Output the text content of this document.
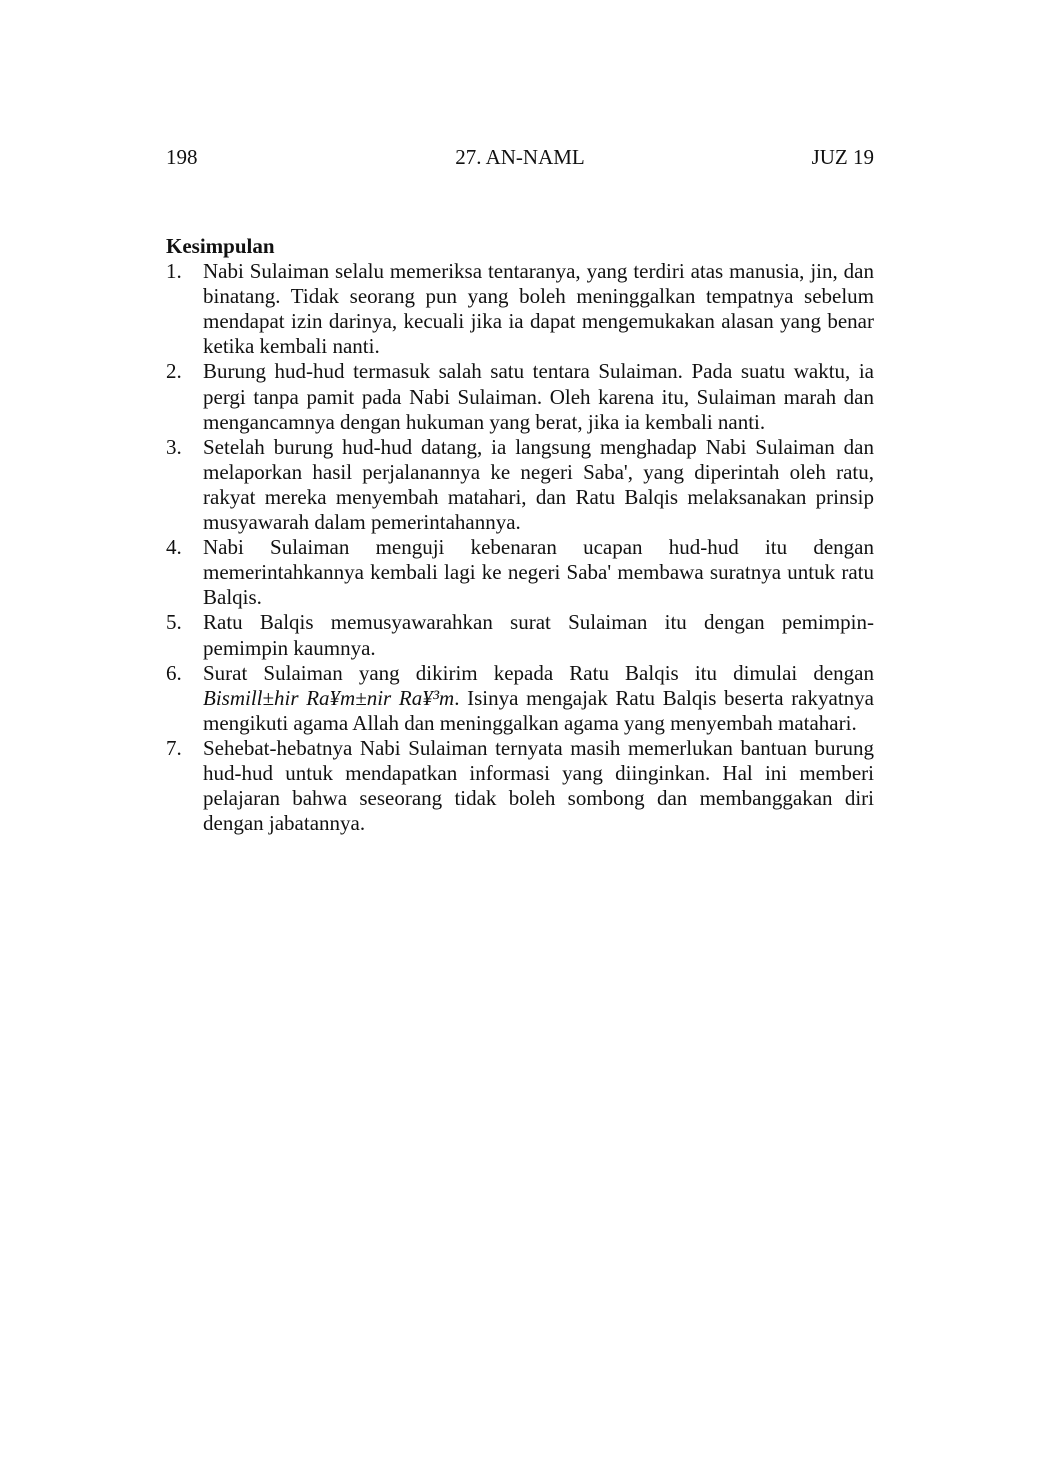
198	27. AN-NAML	JUZ 19
Kesimpulan
1. Nabi Sulaiman selalu memeriksa tentaranya, yang terdiri atas manusia, jin, dan binatang. Tidak seorang pun yang boleh meninggalkan tempatnya sebelum mendapat izin darinya, kecuali jika ia dapat mengemukakan alasan yang benar ketika kembali nanti.
2. Burung hud-hud termasuk salah satu tentara Sulaiman. Pada suatu waktu, ia pergi tanpa pamit pada Nabi Sulaiman. Oleh karena itu, Sulaiman marah dan mengancamnya dengan hukuman yang berat, jika ia kembali nanti.
3. Setelah burung hud-hud datang, ia langsung menghadap Nabi Sulaiman dan melaporkan hasil perjalanannya ke negeri Saba', yang diperintah oleh ratu, rakyat mereka menyembah matahari, dan Ratu Balqis melaksanakan prinsip musyawarah dalam pemerintahannya.
4. Nabi Sulaiman menguji kebenaran ucapan hud-hud itu dengan memerintahkannya kembali lagi ke negeri Saba' membawa suratnya untuk ratu Balqis.
5. Ratu Balqis memusyawarahkan surat Sulaiman itu dengan pemimpin-pemimpin kaumnya.
6. Surat Sulaiman yang dikirim kepada Ratu Balqis itu dimulai dengan Bismill±hir Ra¥m±nir Ra¥³m. Isinya mengajak Ratu Balqis beserta rakyatnya mengikuti agama Allah dan meninggalkan agama yang menyembah matahari.
7. Sehebat-hebatnya Nabi Sulaiman ternyata masih memerlukan bantuan burung hud-hud untuk mendapatkan informasi yang diinginkan. Hal ini memberi pelajaran bahwa seseorang tidak boleh sombong dan membanggakan diri dengan jabatannya.
